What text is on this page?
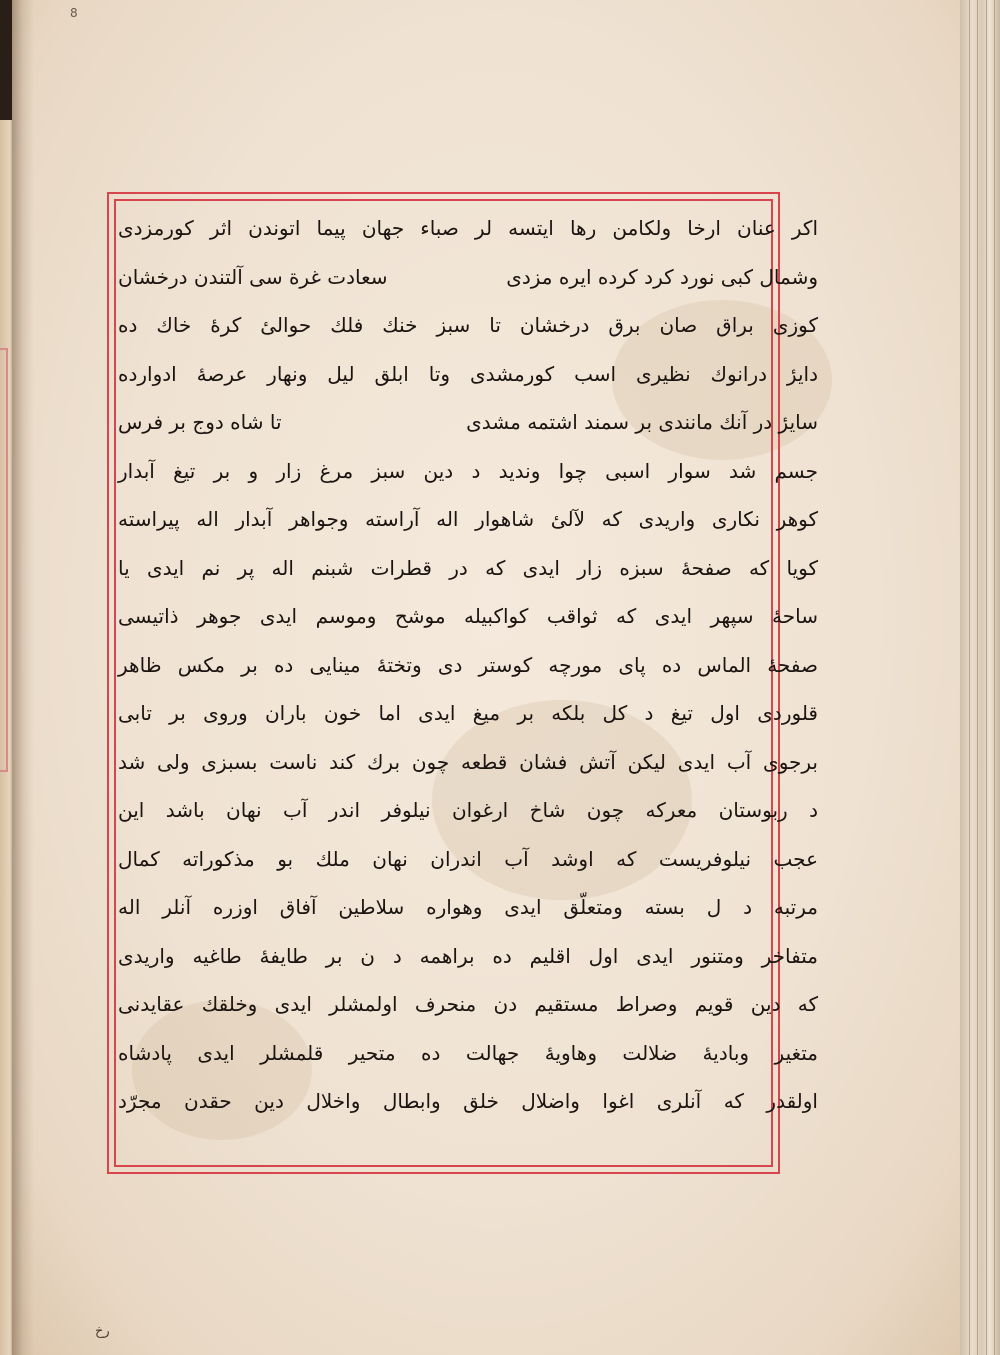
8
اکر عنان ارخا ولکامن رها ایتسه لر صباء جهان پیما اتوندن اثر کورمزدی
وشمال کبی نورد کرد کرده ایره مزدی
سعادت غرة سی آلتندن درخشان
کوزی براق صان برق درخشان تا سبز خنك فلك حوالیٔ کرهٔ خاك ده
دایرٔ درانوك نظیری اسب کورمشدی وتا ابلق لیل ونهار عرصهٔ ادوارده
سایرٔ در آنك مانندی بر سمند اشتمه مشدی
تا شاه دوج بر فرس
جسم شد سوار اسبی چوا وندید د دین سبز مرغ زار و بر تیغ آبدار
کوهر نکاری واریدی که لآلیٔ شاهوار اله آراسته وجواهر آبدار اله پیراسته
کویا که صفحهٔ سبزه زار ایدی که در قطرات شبنم اله پر نم ایدی یا
ساحهٔ سپهر ایدی که ثواقب کواکبیله موشح وموسم ایدی جوهر ذاتیسی
صفحهٔ الماس ده پای مورچه کوستر دی وتختهٔ مینایی ده بر مکس ظاهر
قلوردی اول تیغ د کل بلکه بر میغ ایدی اما خون باران وروی بر تابی
برجوی آب ایدی لیکن آتش فشان قطعه چون برك کند ناست بسبزی ولی شد
د ربوستان معرکه چون شاخ ارغوان نیلوفر اندر آب نهان باشد این
عجب نیلوفریست که اوشد آب اندران نهان ملك بو مذکوراته کمال
مرتبه د ل بسته ومتعلّق ایدی وهواره سلاطین آفاق اوزره آنلر اله
متفاخر ومتنور ایدی اول اقلیم ده براهمه د ن بر طایفهٔ طاغیه واریدی
که دین قویم وصراط مستقیم دن منحرف اولمشلر ایدی وخلقك عقایدنی
متغیر وبادیهٔ ضلالت وهاویهٔ جهالت ده متحیر قلمشلر ایدی پادشاه
اولقدر که آنلری اغوا واضلال خلق وابطال واخلال دین حقدن مجرّد
رخ
